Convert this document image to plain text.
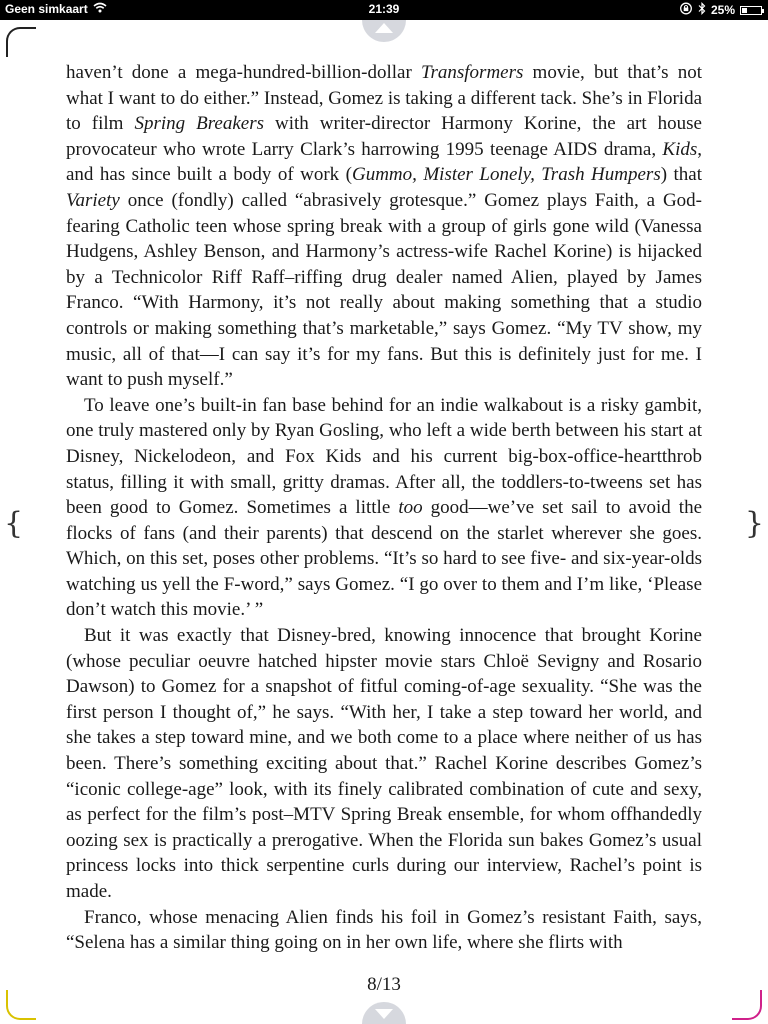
Geen simkaart	21:39	25%
{	}

haven’t done a mega-hundred-billion-dollar Transformers movie, but that’s not what I want to do either.” Instead, Gomez is taking a different tack. She’s in Florida to film Spring Breakers with writer-director Harmony Korine, the art house provocateur who wrote Larry Clark’s harrowing 1995 teenage AIDS drama, Kids, and has since built a body of work (Gummo, Mister Lonely, Trash Humpers) that Variety once (fondly) called “abrasively grotesque.” Gomez plays Faith, a God-fearing Catholic teen whose spring break with a group of girls gone wild (Vanessa Hudgens, Ashley Benson, and Harmony’s actress-wife Rachel Korine) is hijacked by a Technicolor Riff Raff–riffing drug dealer named Alien, played by James Franco. “With Harmony, it’s not really about making something that a studio controls or making something that’s marketable,” says Gomez. “My TV show, my music, all of that—I can say it’s for my fans. But this is definitely just for me. I want to push myself.”

To leave one’s built-in fan base behind for an indie walkabout is a risky gambit, one truly mastered only by Ryan Gosling, who left a wide berth between his start at Disney, Nickelodeon, and Fox Kids and his current big-box-office-heartthrob status, filling it with small, gritty dramas. After all, the toddlers-to-tweens set has been good to Gomez. Sometimes a little too good—we’ve set sail to avoid the flocks of fans (and their parents) that descend on the starlet wherever she goes. Which, on this set, poses other problems. “It’s so hard to see five- and six-year-olds watching us yell the F-word,” says Gomez. “I go over to them and I’m like, ‘Please don’t watch this movie.’ ”

But it was exactly that Disney-bred, knowing innocence that brought Korine (whose peculiar oeuvre hatched hipster movie stars Chloë Sevigny and Rosario Dawson) to Gomez for a snapshot of fitful coming-of-age sexuality. “She was the first person I thought of,” he says. “With her, I take a step toward her world, and she takes a step toward mine, and we both come to a place where neither of us has been. There’s something exciting about that.” Rachel Korine describes Gomez’s “iconic college-age” look, with its finely calibrated combination of cute and sexy, as perfect for the film’s post–MTV Spring Break ensemble, for whom offhandedly oozing sex is practically a prerogative. When the Florida sun bakes Gomez’s usual princess locks into thick serpentine curls during our interview, Rachel’s point is made.

Franco, whose menacing Alien finds his foil in Gomez’s resistant Faith, says, “Selena has a similar thing going on in her own life, where she flirts with

8/13
